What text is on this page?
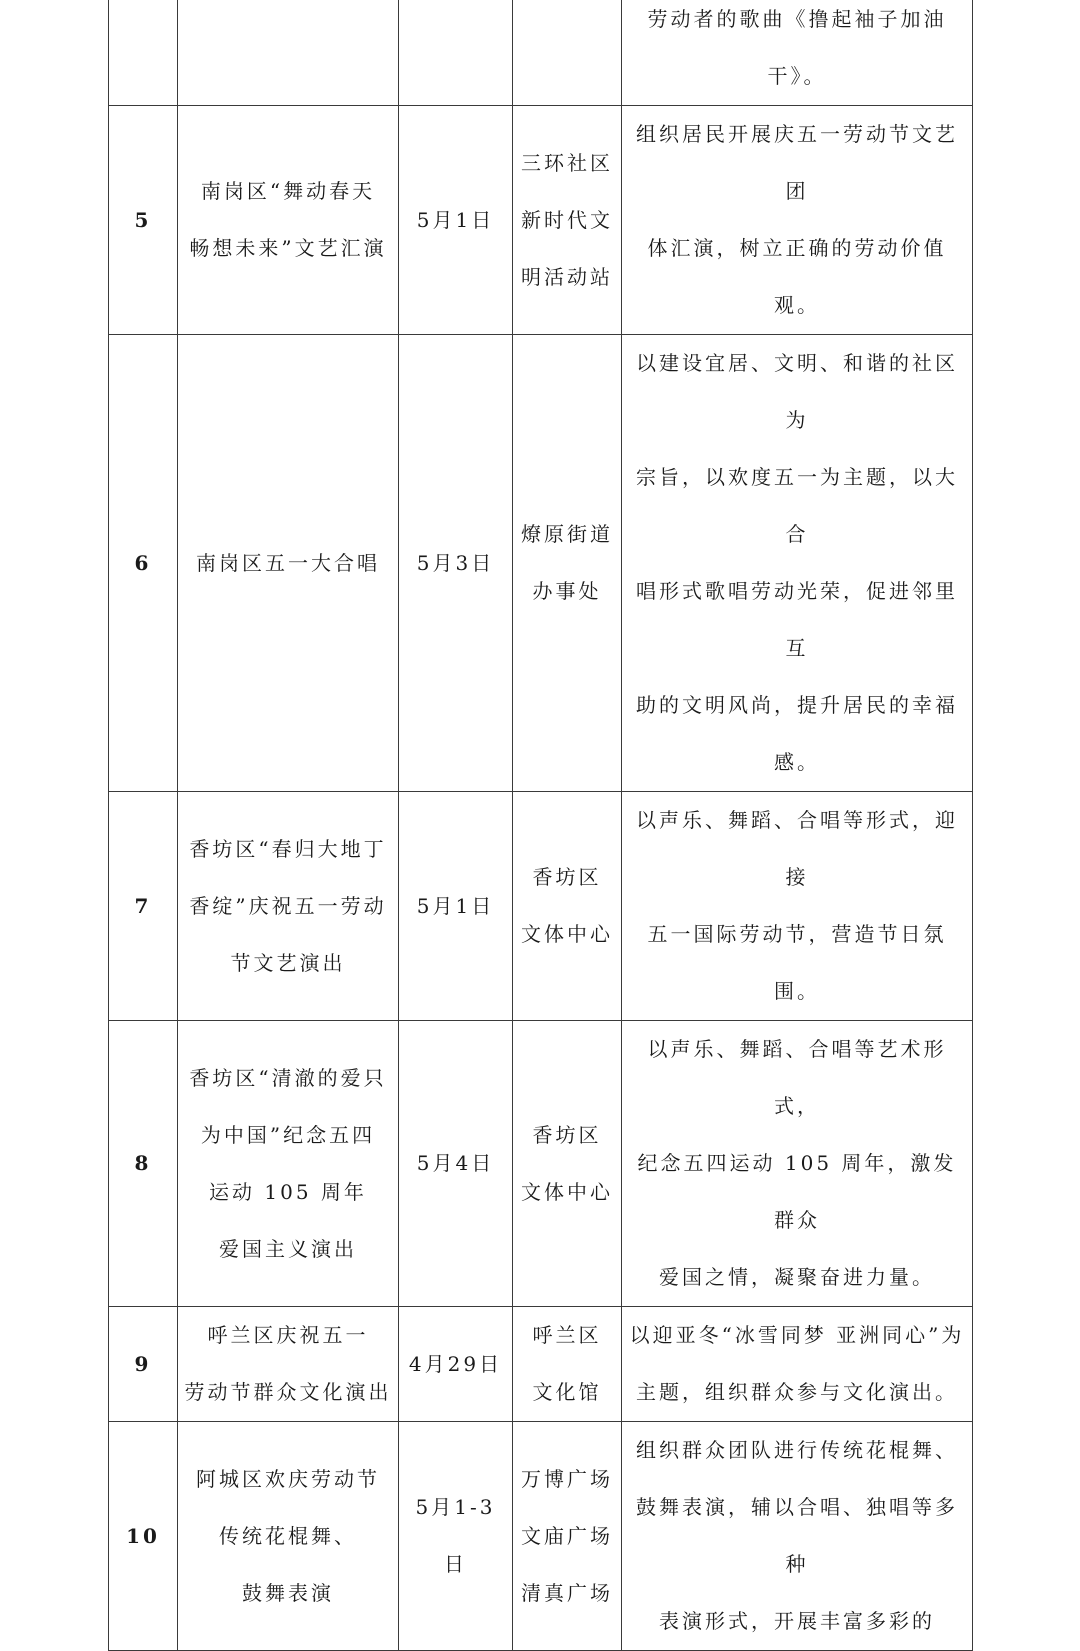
				劳动者的歌曲《撸起袖子加油干》。
5	南岗区“舞动春天
畅想未来”文艺汇演	5月1日	三环社区
新时代文
明活动站	组织居民开展庆五一劳动节文艺团
体汇演，树立正确的劳动价值观。
6	南岗区五一大合唱	5月3日	燎原街道
办事处	以建设宜居、文明、和谐的社区为
宗旨，以欢度五一为主题，以大合
唱形式歌唱劳动光荣，促进邻里互
助的文明风尚，提升居民的幸福感。
7	香坊区“春归大地丁
香绽”庆祝五一劳动
节文艺演出	5月1日	香坊区
文体中心	以声乐、舞蹈、合唱等形式，迎接
五一国际劳动节，营造节日氛围。
8	香坊区“清澈的爱只
为中国”纪念五四
运动 105 周年
爱国主义演出	5月4日	香坊区
文体中心	以声乐、舞蹈、合唱等艺术形式，
纪念五四运动 105 周年，激发群众
爱国之情，凝聚奋进力量。
9	呼兰区庆祝五一
劳动节群众文化演出	4月29日	呼兰区
文化馆	以迎亚冬“冰雪同梦 亚洲同心”为
主题，组织群众参与文化演出。
10	阿城区欢庆劳动节
传统花棍舞、
鼓舞表演	5月1-3日	万博广场
文庙广场
清真广场	组织群众团队进行传统花棍舞、
鼓舞表演，辅以合唱、独唱等多种
表演形式，开展丰富多彩的
